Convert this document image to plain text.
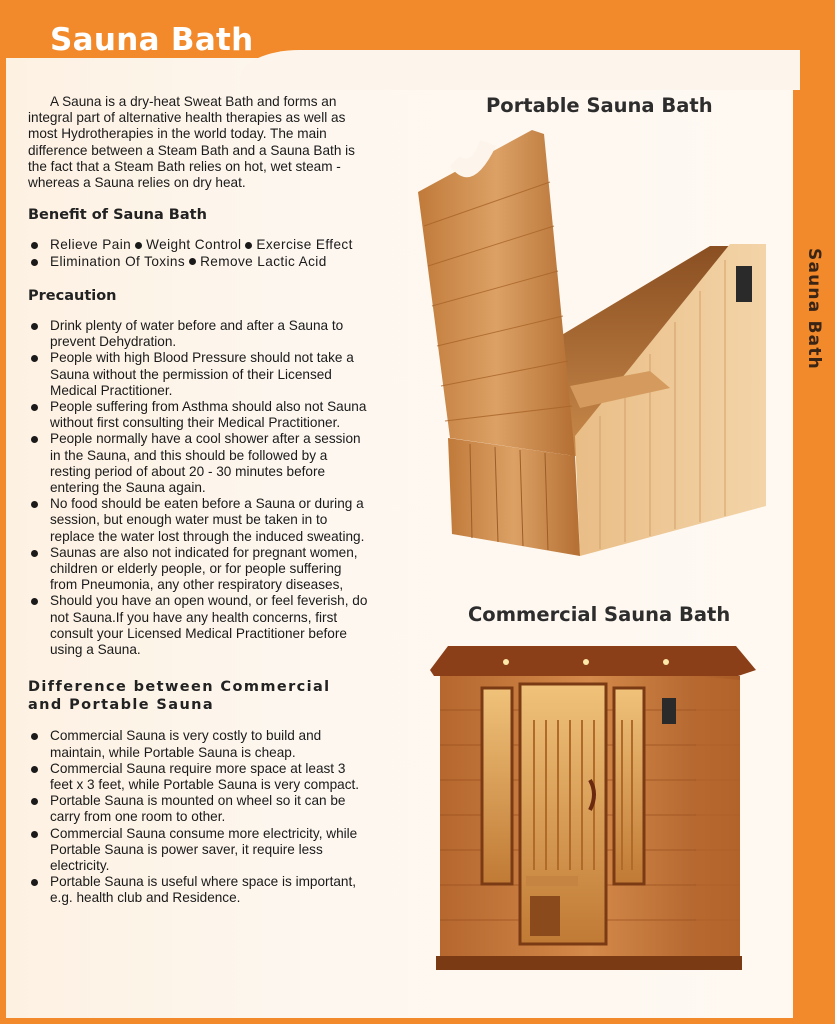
Sauna Bath
Sauna Bath

A Sauna is a dry-heat Sweat Bath and forms an integral part of alternative health therapies as well as most Hydrotherapies in the world today. The main difference between a Steam Bath and a Sauna Bath is the fact that a Steam Bath relies on hot, wet steam - whereas a Sauna relies on dry heat.

Benefit of Sauna Bath
Relieve Pain Weight Control Exercise Effect
Elimination Of Toxins Remove Lactic Acid
Precaution
Drink plenty of water before and after a Sauna to prevent Dehydration.
People with high Blood Pressure should not take a Sauna without the permission of their Licensed Medical Practitioner.
People suffering from Asthma should also not Sauna without first consulting their Medical Practitioner.
People normally have a cool shower after a session in the Sauna, and this should be followed by a resting period of about 20 - 30 minutes before entering the Sauna again.
No food should be eaten before a Sauna or during a session, but enough water must be taken in to replace the water lost through the induced sweating.
Saunas are also not indicated for pregnant women, children or elderly people, or for people suffering from Pneumonia, any other respiratory diseases,
Should you have an open wound, or feel feverish, do not Sauna.If you have any health concerns, first consult your Licensed Medical Practitioner before using a Sauna.
Difference between Commercial and Portable Sauna
Commercial Sauna is very costly to build and maintain, while Portable Sauna is cheap.
Commercial Sauna require more space at least 3 feet x 3 feet, while Portable Sauna is very compact.
Portable Sauna is mounted on wheel so it can be carry from one room to other.
Commercial Sauna consume more electricity, while Portable Sauna is power saver, it require less electricity.
Portable Sauna is useful where space is important, e.g. health club and Residence.
Portable Sauna Bath
Commercial Sauna Bath
